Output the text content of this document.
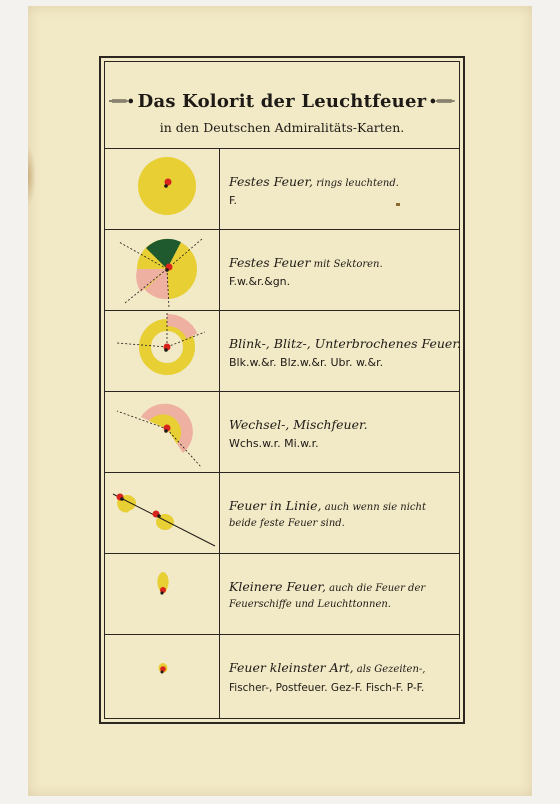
Das Kolorit der Leuchtfeuer
in den Deutschen Admiralitäts-Karten.
Festes Feuer, rings leuchtend.
F.
Festes Feuer mit Sektoren.
F.w.&r.&gn.
Blink-, Blitz-, Unterbrochenes Feuer.
Blk.w.&r. Blz.w.&r. Ubr. w.&r.
Wechsel-, Mischfeuer.
Wchs.w.r. Mi.w.r.
Feuer in Linie, auch wenn sie nicht
beide feste Feuer sind.
Kleinere Feuer, auch die Feuer der
Feuerschiffe und Leuchttonnen.
Feuer kleinster Art, als Gezeiten-,
Fischer-, Postfeuer. Gez-F. Fisch-F. P-F.
